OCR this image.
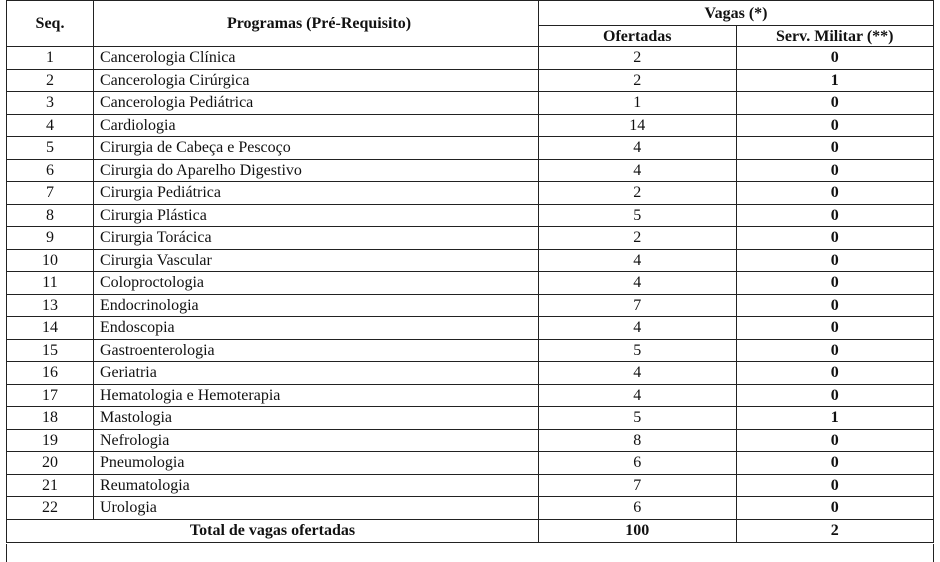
Seq.	Programas (Pré-Requisito)	Vagas (*)	
		Ofertadas	Serv. Militar (**)
1	Cancerologia Clínica	2	0
2	Cancerologia Cirúrgica	2	1
3	Cancerologia Pediátrica	1	0
4	Cardiologia	14	0
5	Cirurgia de Cabeça e Pescoço	4	0
6	Cirurgia do Aparelho Digestivo	4	0
7	Cirurgia Pediátrica	2	0
8	Cirurgia Plástica	5	0
9	Cirurgia Torácica	2	0
10	Cirurgia Vascular	4	0
11	Coloproctologia	4	0
13	Endocrinologia	7	0
14	Endoscopia	4	0
15	Gastroenterologia	5	0
16	Geriatria	4	0
17	Hematologia e Hemoterapia	4	0
18	Mastologia	5	1
19	Nefrologia	8	0
20	Pneumologia	6	0
21	Reumatologia	7	0
22	Urologia	6	0
Total de vagas ofertadas		100	2
